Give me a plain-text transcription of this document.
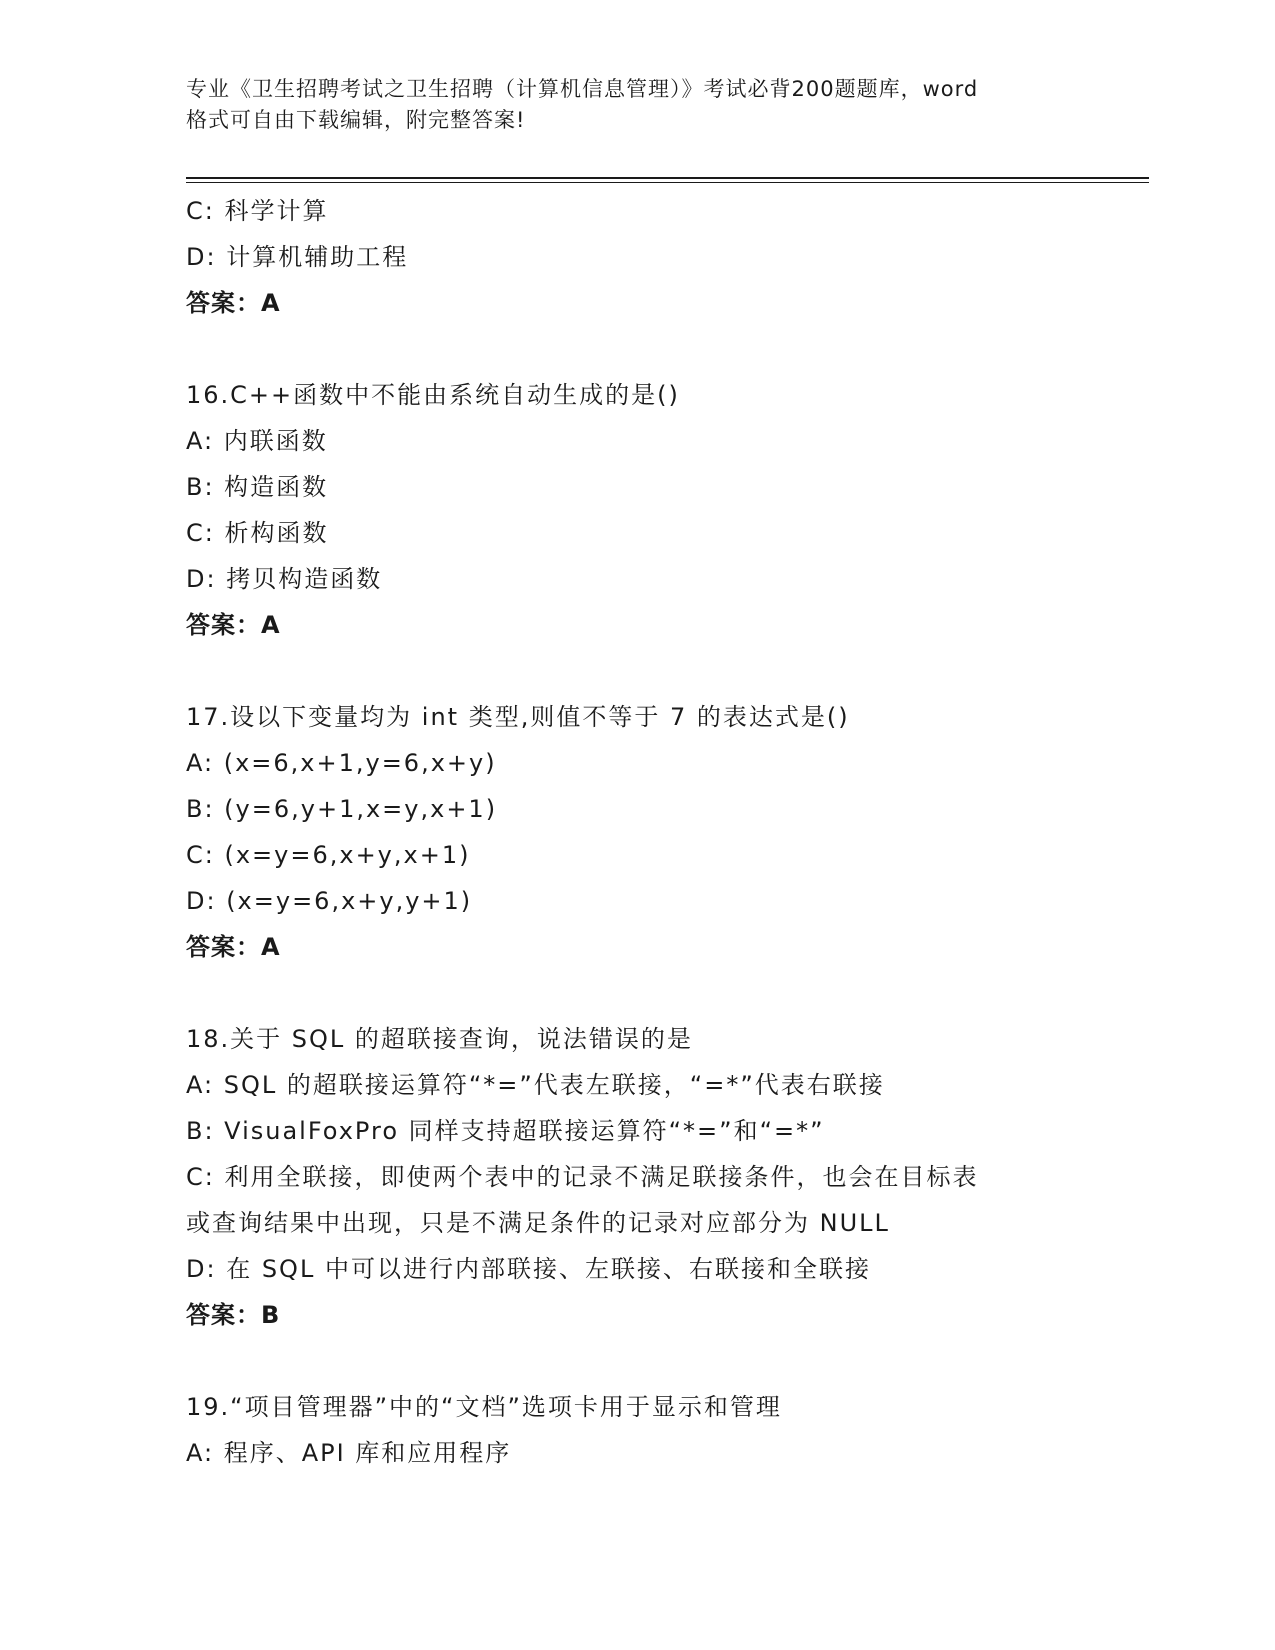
专业《卫生招聘考试之卫生招聘（计算机信息管理）》考试必背200题题库，word
格式可自由下载编辑，附完整答案!
C: 科学计算
D: 计算机辅助工程
答案：A
16.C++函数中不能由系统自动生成的是()
A: 内联函数
B: 构造函数
C: 析构函数
D: 拷贝构造函数
答案：A
17.设以下变量均为 int 类型,则值不等于 7 的表达式是()
A: (x=6,x+1,y=6,x+y)
B: (y=6,y+1,x=y,x+1)
C: (x=y=6,x+y,x+1)
D: (x=y=6,x+y,y+1)
答案：A
18.关于 SQL 的超联接查询，说法错误的是
A: SQL 的超联接运算符“*=”代表左联接，“=*”代表右联接
B: VisualFoxPro 同样支持超联接运算符“*=”和“=*”
C: 利用全联接，即使两个表中的记录不满足联接条件，也会在目标表
或查询结果中出现，只是不满足条件的记录对应部分为 NULL
D: 在 SQL 中可以进行内部联接、左联接、右联接和全联接
答案：B
19.“项目管理器”中的“文档”选项卡用于显示和管理
A: 程序、API 库和应用程序
